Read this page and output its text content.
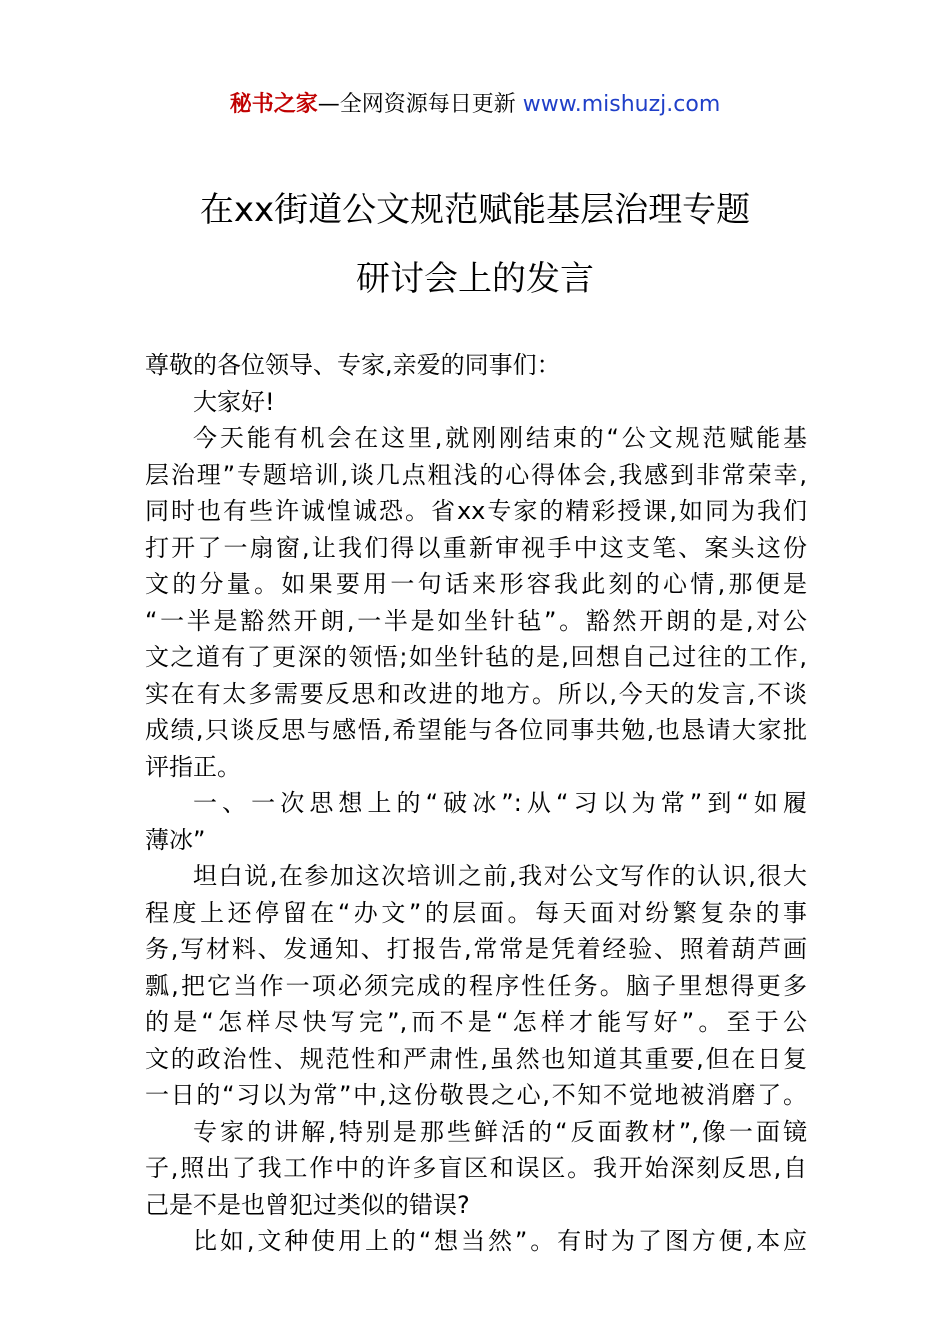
秘书之家—全网资源每日更新 www.mishuzj.com
在xx街道公文规范赋能基层治理专题
研讨会上的发言
尊敬的各位领导、专家,亲爱的同事们：
大家好!
今天能有机会在这里,就刚刚结束的“公文规范赋能基
层治理”专题培训,谈几点粗浅的心得体会,我感到非常荣幸,
同时也有些许诚惶诚恐。省xx专家的精彩授课,如同为我们
打开了一扇窗,让我们得以重新审视手中这支笔、案头这份
文的分量。如果要用一句话来形容我此刻的心情,那便是
“一半是豁然开朗,一半是如坐针毡”。豁然开朗的是,对公
文之道有了更深的领悟;如坐针毡的是,回想自己过往的工作,
实在有太多需要反思和改进的地方。所以,今天的发言,不谈
成绩,只谈反思与感悟,希望能与各位同事共勉,也恳请大家批
评指正。
一、一次思想上的“破冰”:从“习以为常”到“如履
薄冰”
坦白说,在参加这次培训之前,我对公文写作的认识,很大
程度上还停留在“办文”的层面。每天面对纷繁复杂的事
务,写材料、发通知、打报告,常常是凭着经验、照着葫芦画
瓢,把它当作一项必须完成的程序性任务。脑子里想得更多
的是“怎样尽快写完”,而不是“怎样才能写好”。至于公
文的政治性、规范性和严肃性,虽然也知道其重要,但在日复
一日的“习以为常”中,这份敬畏之心,不知不觉地被消磨了。
专家的讲解,特别是那些鲜活的“反面教材”,像一面镜
子,照出了我工作中的许多盲区和误区。我开始深刻反思,自
己是不是也曾犯过类似的错误?
比如,文种使用上的“想当然”。有时为了图方便,本应
